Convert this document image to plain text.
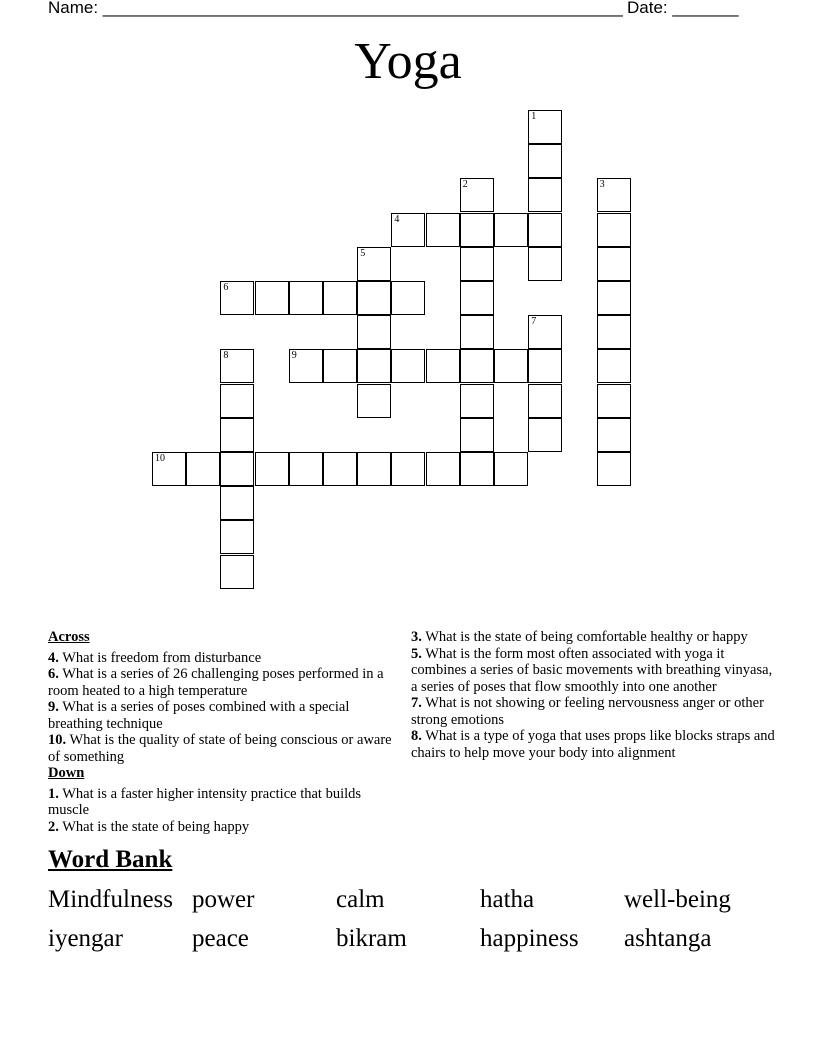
Name: _______________________________________________________ Date: _______
Yoga
1
2	3
4
5
6
7
8	9
10
Across
4. What is freedom from disturbance
6. What is a series of 26 challenging poses performed in a room heated to a high temperature
9. What is a series of poses combined with a special breathing technique
10. What is the quality of state of being conscious or aware of something
Down
1. What is a faster higher intensity practice that builds muscle
2. What is the state of being happy
3. What is the state of being comfortable healthy or happy
5. What is the form most often associated with yoga it combines a series of basic movements with breathing vinyasa, a series of poses that flow smoothly into one another
7. What is not showing or feeling nervousness anger or other strong emotions
8. What is a type of yoga that uses props like blocks straps and chairs to help move your body into alignment
Word Bank
Mindfulness power	calm	hatha	well-being
iyengar	peace	bikram	happiness	ashtanga
